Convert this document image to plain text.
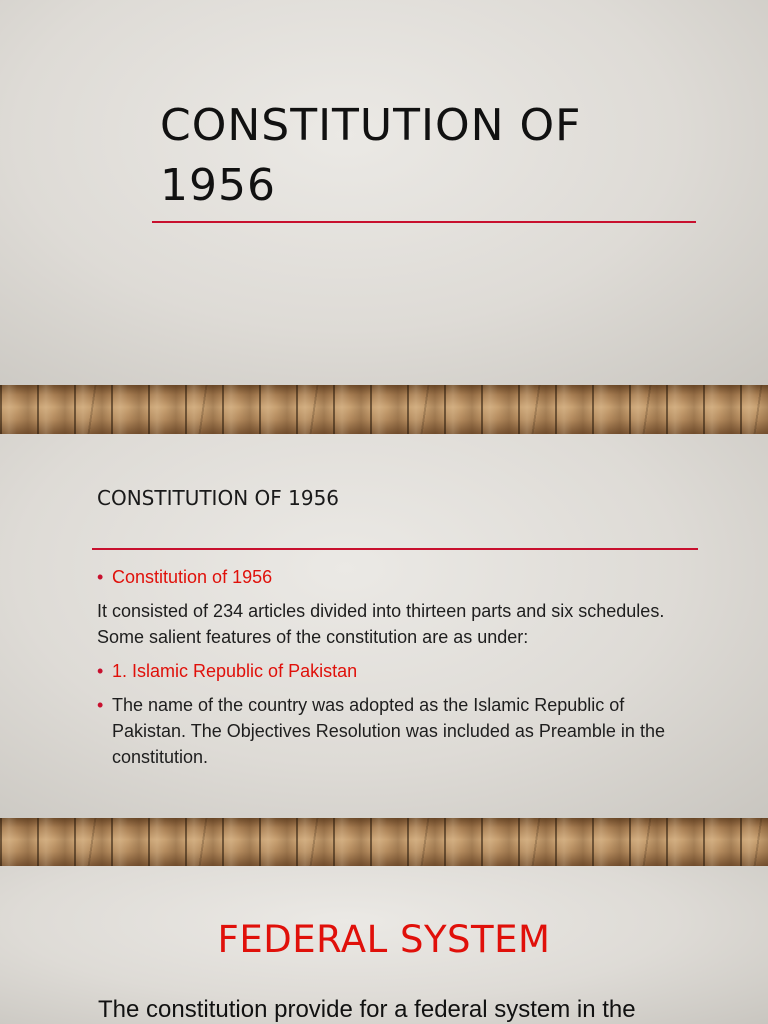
CONSTITUTION OF 1956
CONSTITUTION OF 1956
• Constitution of 1956
It consisted of 234 articles divided into thirteen parts and six schedules. Some salient features of the constitution are as under:
• 1. Islamic Republic of Pakistan
• The name of the country was adopted as the Islamic Republic of Pakistan. The Objectives Resolution was included as Preamble in the constitution.
FEDERAL SYSTEM
The constitution provide for a federal system in the
